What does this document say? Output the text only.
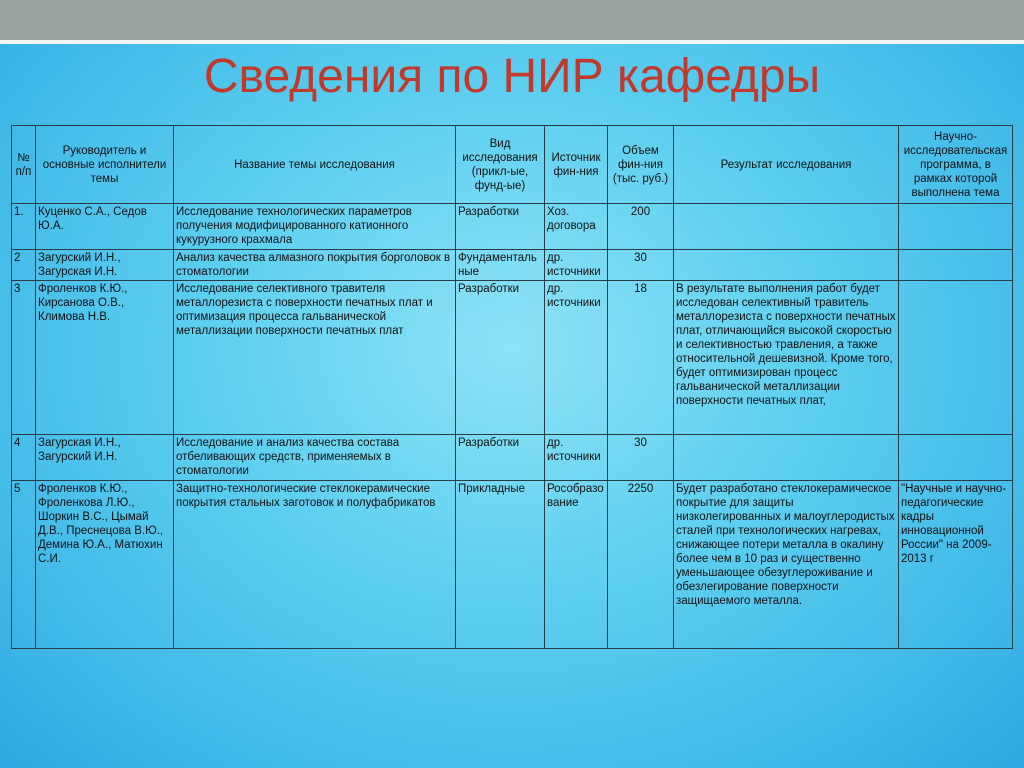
Сведения по НИР кафедры
№ п/п	Руководитель и основные исполнители темы	Название темы исследования	Вид исследования (прикл-ые, фунд-ые)	Источник фин-ния	Объем фин-ния (тыс. руб.)	Результат исследования	Научно-исследовательская программа, в рамках которой выполнена тема
1.	Куценко С.А., Седов Ю.А.	Исследование технологических параметров получения модифицированного катионного кукурузного крахмала	Разработки	Хоз. договора	200		
2	Загурский И.Н., Загурская И.Н.	Анализ качества алмазного покрытия борголовок в стоматологии	Фундаментальные	др. источники	30		
3	Фроленков К.Ю., Кирсанова О.В., Климова Н.В.	Исследование селективного травителя металлорезиста с поверхности печатных плат и оптимизация процесса гальванической металлизации поверхности печатных плат	Разработки	др. источники	18	В результате выполнения работ будет исследован селективный травитель металлорезиста с поверхности печатных плат, отличающийся высокой скоростью и селективностью травления, а также относительной дешевизной. Кроме того, будет оптимизирован процесс гальванической металлизации поверхности печатных плат,	
4	Загурская И.Н., Загурский И.Н.	Исследование и анализ качества состава отбеливающих средств, применяемых в стоматологии	Разработки	др. источники	30		
5	Фроленков К.Ю., Фроленкова Л.Ю., Шоркин В.С., Цымай Д.В., Преснецова В.Ю., Демина Ю.А., Матюхин С.И.	Защитно-технологические стеклокерамические покрытия стальных заготовок и полуфабрикатов	Прикладные	Рособразование	2250	Будет разработано стеклокерамическое покрытие для защиты низколегированных и малоуглеродистых сталей при технологических нагревах, снижающее потери металла в окалину более чем в 10 раз и существенно уменьшающее обезуглероживание и обезлегирование поверхности защищаемого металла.	"Научные и научно-педагогические кадры инновационной России" на 2009-2013 г
